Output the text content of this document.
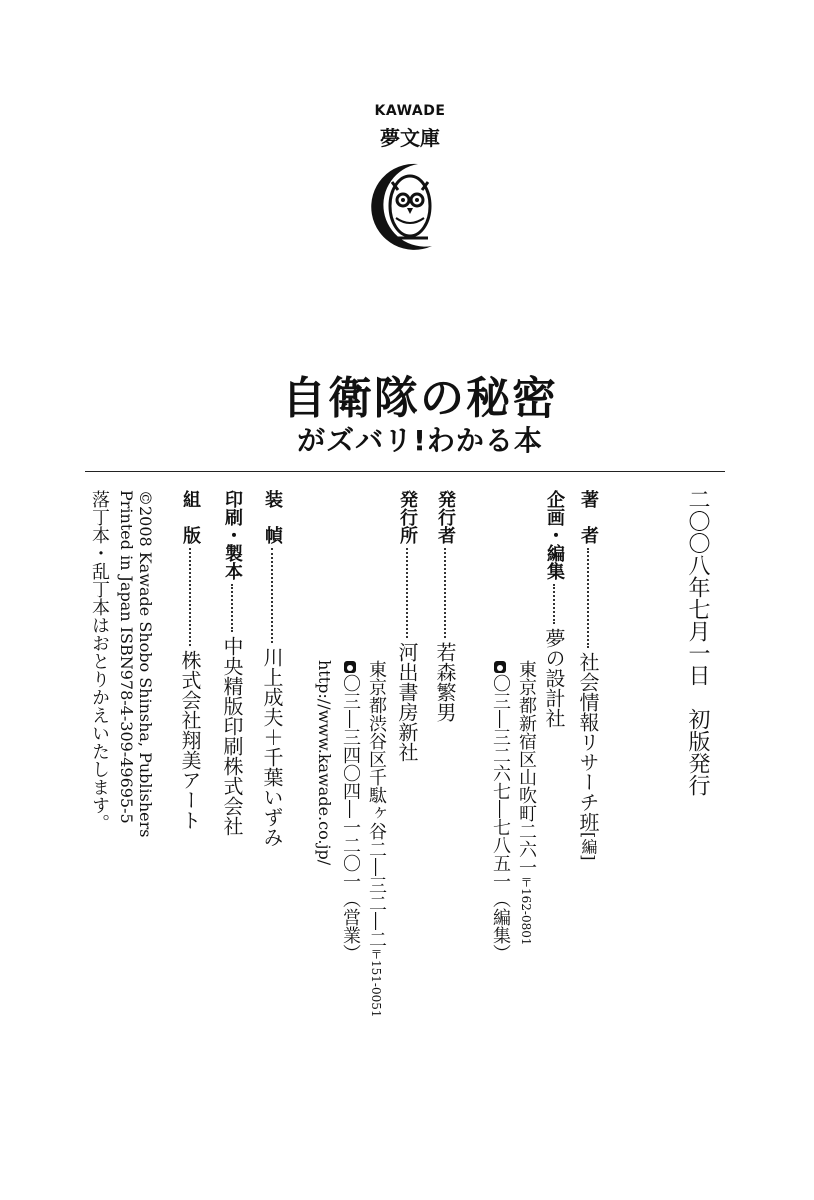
KAWADE
夢文庫
自衛隊の秘密
がズバリ!わかる本
二〇〇八年七月一日初版発行
著　者社会情報リサーチ班[編]
企画・編集夢の設計社
東京都新宿区山吹町二六一〒162-0801
〇三―三二六七―七八五一（編集）
発行者若森繁男
発行所河出書房新社
東京都渋谷区千駄ヶ谷二―三二―二〒151-0051
〇三―三四〇四―一二〇一（営業）
http://www.kawade.co.jp/
装　幀川上成夫＋千葉いずみ
印刷・製本中央精版印刷株式会社
組　版株式会社翔美アート
©2008 Kawade Shobo Shinsha, Publishers
Printed in Japan ISBN978-4-309-49695-5
落丁本・乱丁本はおとりかえいたします。
